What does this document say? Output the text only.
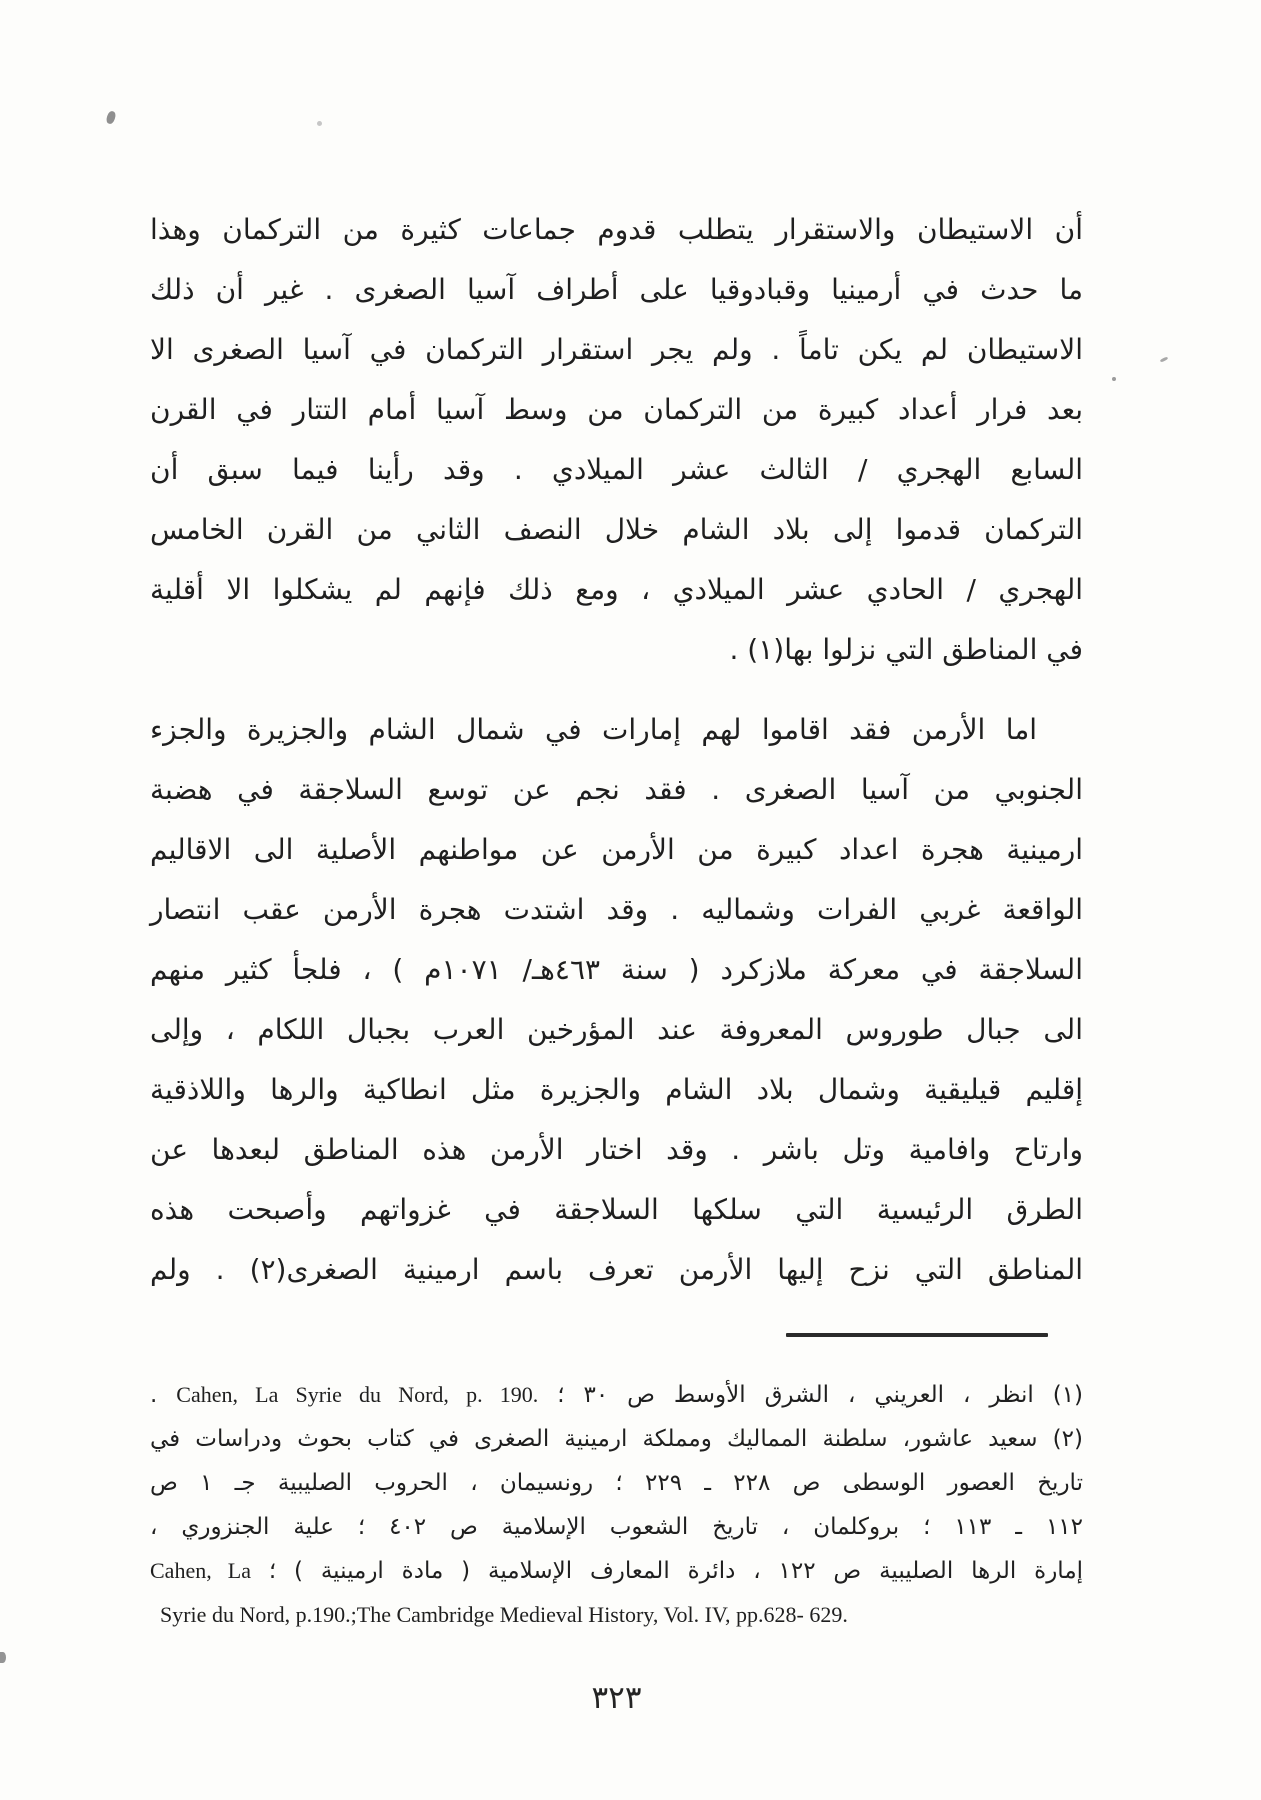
أن الاستيطان والاستقرار يتطلب قدوم جماعات كثيرة من التركمان وهذا
ما حدث في أرمينيا وقبادوقيا على أطراف آسيا الصغرى . غير أن ذلك
الاستيطان لم يكن تاماً . ولم يجر استقرار التركمان في آسيا الصغرى الا
بعد فرار أعداد كبيرة من التركمان من وسط آسيا أمام التتار في القرن
السابع الهجري / الثالث عشر الميلادي . وقد رأينا فيما سبق أن
التركمان قدموا إلى بلاد الشام خلال النصف الثاني من القرن الخامس
الهجري / الحادي عشر الميلادي ، ومع ذلك فإنهم لم يشكلوا الا أقلية
في المناطق التي نزلوا بها(١) .
اما الأرمن فقد اقاموا لهم إمارات في شمال الشام والجزيرة والجزء
الجنوبي من آسيا الصغرى . فقد نجم عن توسع السلاجقة في هضبة
ارمينية هجرة اعداد كبيرة من الأرمن عن مواطنهم الأصلية الى الاقاليم
الواقعة غربي الفرات وشماليه . وقد اشتدت هجرة الأرمن عقب انتصار
السلاجقة في معركة ملازكرد ( سنة ٤٦٣هـ/ ١٠٧١م ) ، فلجأ كثير منهم
الى جبال طوروس المعروفة عند المؤرخين العرب بجبال اللكام ، وإلى
إقليم قيليقية وشمال بلاد الشام والجزيرة مثل انطاكية والرها واللاذقية
وارتاح وافامية وتل باشر . وقد اختار الأرمن هذه المناطق لبعدها عن
الطرق الرئيسية التي سلكها السلاجقة في غزواتهم وأصبحت هذه
المناطق التي نزح إليها الأرمن تعرف باسم ارمينية الصغرى(٢) . ولم
(١) انظر ، العريني ، الشرق الأوسط ص ٣٠ ؛ Cahen, La Syrie du Nord, p. 190. .
(٢) سعيد عاشور، سلطنة المماليك ومملكة ارمينية الصغرى في كتاب بحوث ودراسات في
تاريخ العصور الوسطى ص ٢٢٨ ـ ٢٢٩ ؛ رونسيمان ، الحروب الصليبية جـ ١ ص
١١٢ ـ ١١٣ ؛ بروكلمان ، تاريخ الشعوب الإسلامية ص ٤٠٢ ؛ علية الجنزوري ،
إمارة الرها الصليبية ص ١٢٢ ، دائرة المعارف الإسلامية ( مادة ارمينية ) ؛ Cahen, La
Syrie du Nord, p.190.;The Cambridge Medieval History, Vol. IV, pp.628- 629.
٣٢٣
